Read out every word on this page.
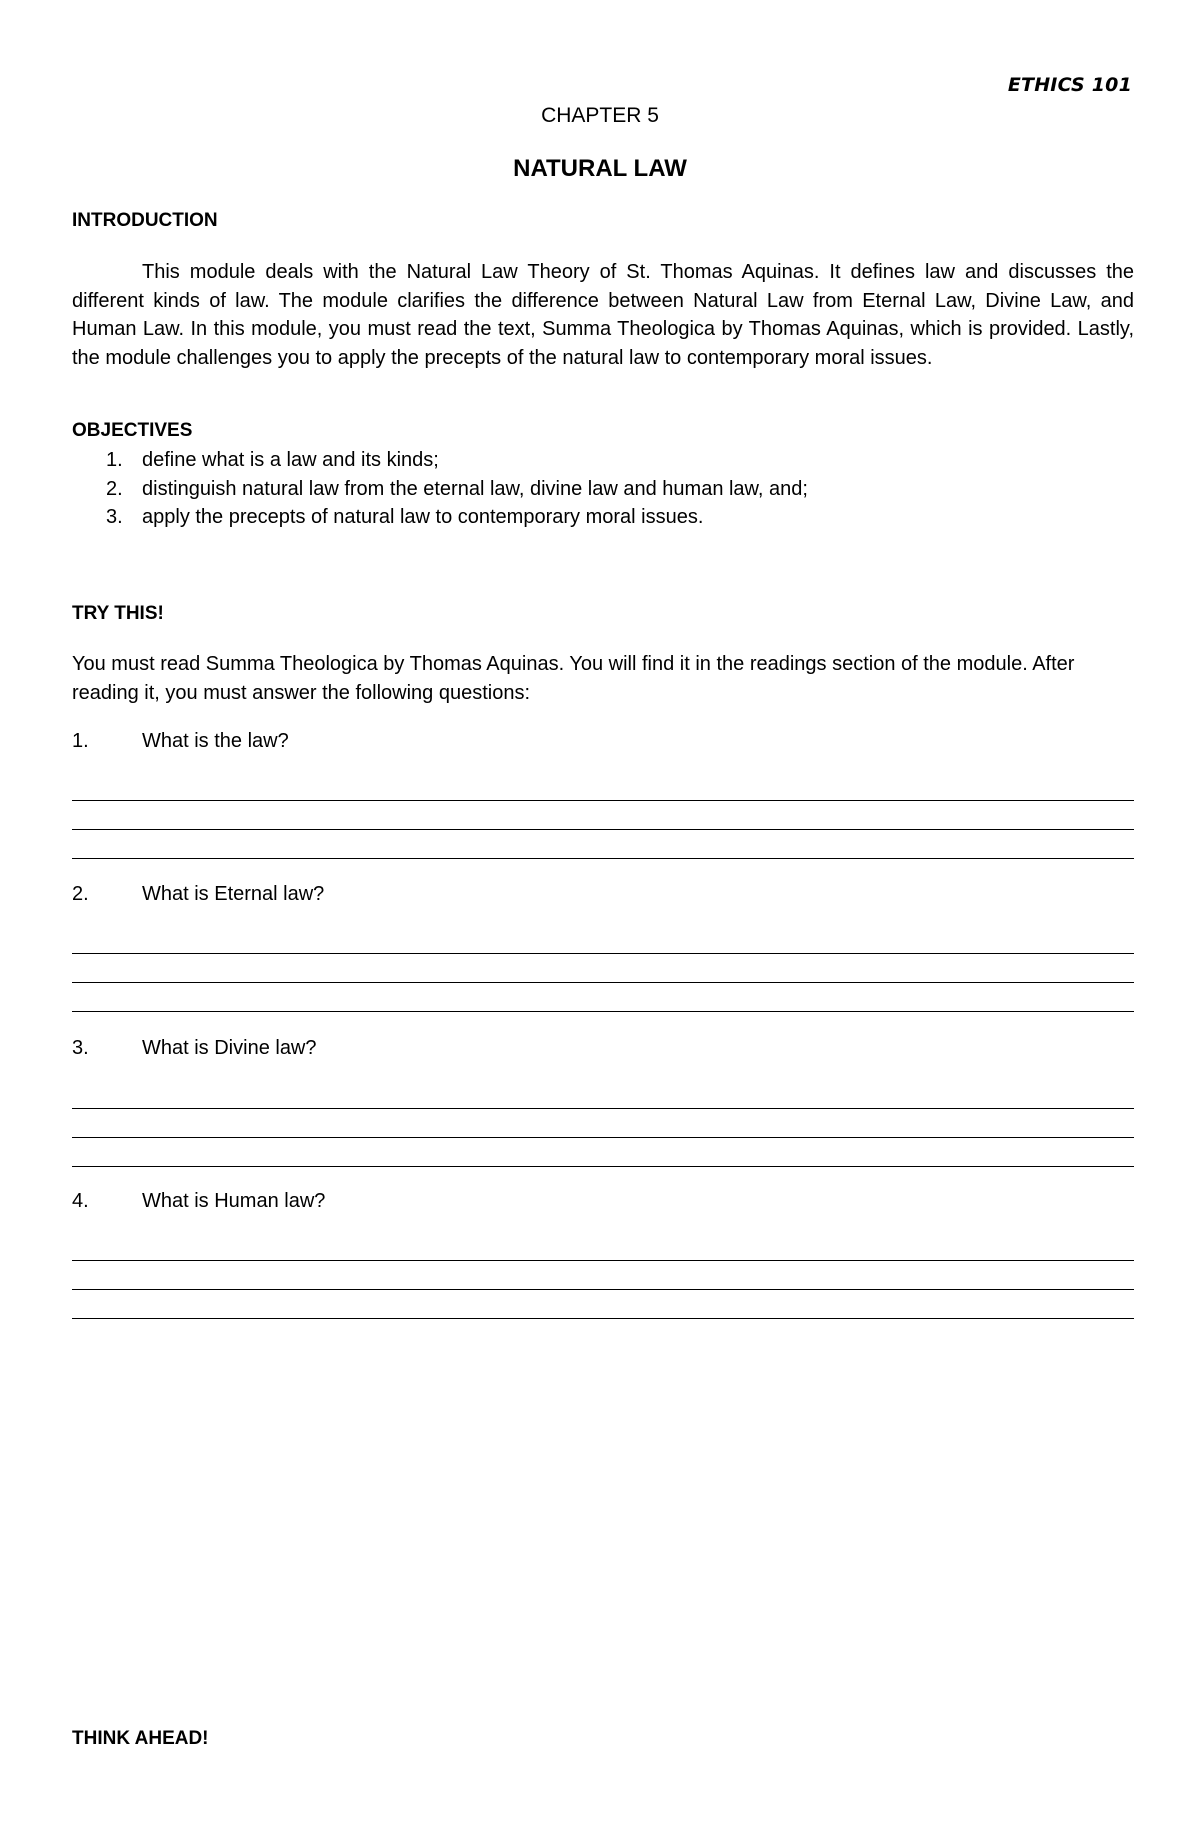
ETHICS 101
CHAPTER 5
NATURAL LAW
INTRODUCTION

This module deals with the Natural Law Theory of St. Thomas Aquinas. It defines law and discusses the different kinds of law. The module clarifies the difference between Natural Law from Eternal Law, Divine Law, and Human Law. In this module, you must read the text, Summa Theologica by Thomas Aquinas, which is provided. Lastly, the module challenges you to apply the precepts of the natural law to contemporary moral issues.

OBJECTIVES
1. define what is a law and its kinds;
2. distinguish natural law from the eternal law, divine law and human law, and;
3. apply the precepts of natural law to contemporary moral issues.
TRY THIS!

You must read Summa Theologica by Thomas Aquinas. You will find it in the readings section of the module. After reading it, you must answer the following questions:

1.	What is the law?
2.	What is Eternal law?
3.	What is Divine law?
4.	What is Human law?
THINK AHEAD!
